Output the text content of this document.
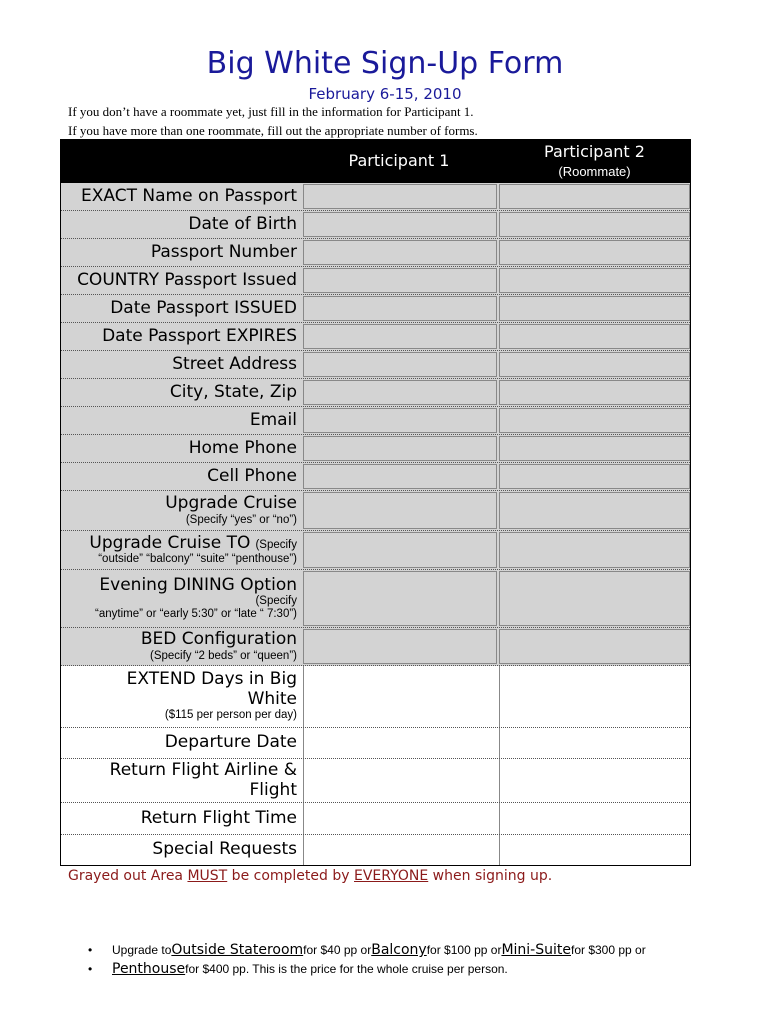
Big White Sign-Up Form
February 6-15, 2010
If you don’t have a roommate yet, just fill in the information for Participant 1.
If you have more than one roommate, fill out the appropriate number of forms.
Participant 1	Participant 2
(Roommate)
EXACT Name on Passport
Date of Birth
Passport Number
COUNTRY Passport Issued
Date Passport ISSUED
Date Passport EXPIRES
Street Address
City, State, Zip
Email
Home Phone
Cell Phone
Upgrade Cruise
(Specify “yes” or “no”)
Upgrade Cruise TO (Specify
“outside” “balcony” “suite” “penthouse”)
Evening DINING Option
(Specify
“anytime” or “early 5:30” or “late “ 7:30”)
BED Configuration
(Specify “2 beds” or “queen”)
EXTEND Days in Big
White
($115 per person per day)
Departure Date
Return Flight Airline &
Flight
Return Flight Time
Special Requests
Grayed out Area MUST be completed by EVERYONE when signing up.
•	Upgrade to Outside Stateroom for $40 pp or Balcony for $100 pp or Mini-Suite for $300 pp or
•	Penthouse for $400 pp. This is the price for the whole cruise per person.
